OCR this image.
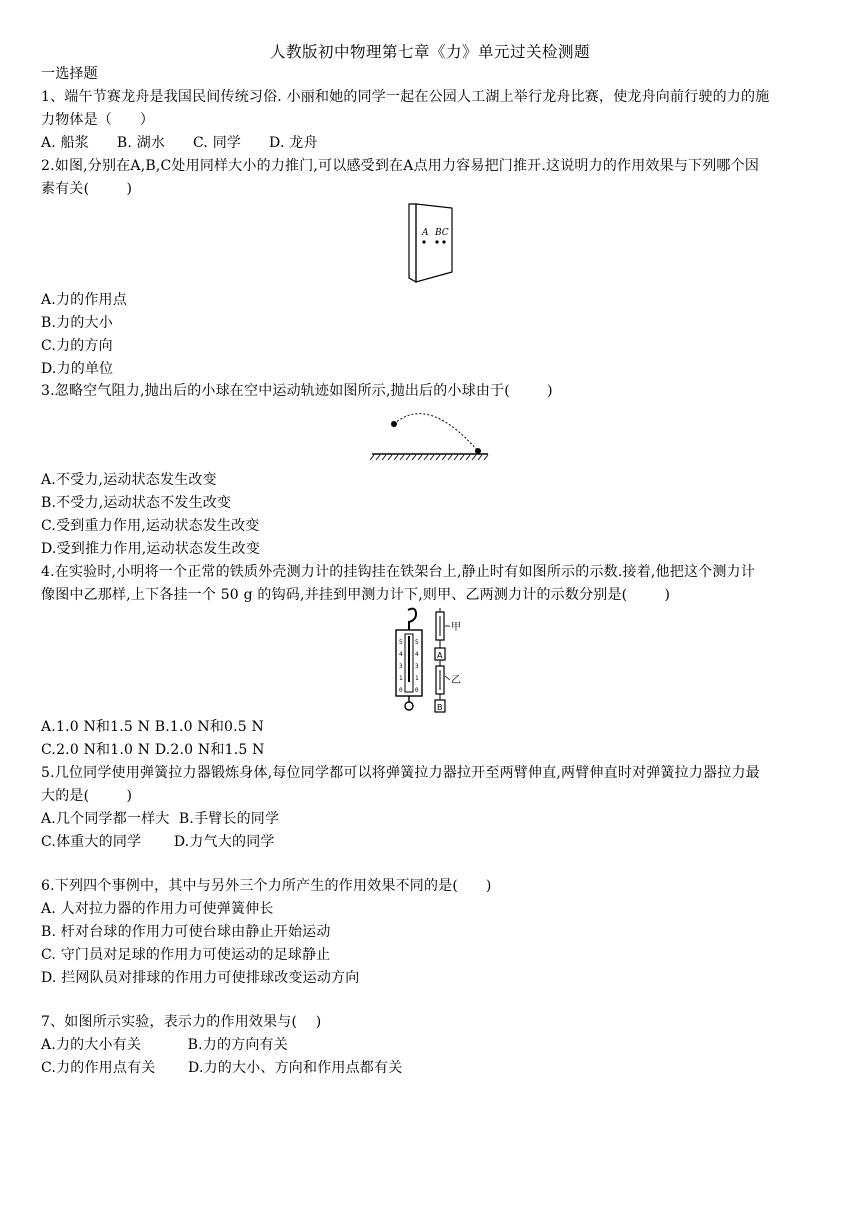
人教版初中物理第七章《力》单元过关检测题
一选择题
1、端午节赛龙舟是我国民间传统习俗. 小丽和她的同学一起在公园人工湖上举行龙舟比赛，使龙舟向前行驶的力的施
力物体是（      ）
A. 船浆      B. 湖水      C. 同学      D. 龙舟
2.如图,分别在A,B,C处用同样大小的力推门,可以感受到在A点用力容易把门推开.这说明力的作用效果与下列哪个因
素有关(        )
A BC
A.力的作用点
B.力的大小
C.力的方向
D.力的单位
3.忽略空气阻力,抛出后的小球在空中运动轨迹如图所示,抛出后的小球由于(        )
A.不受力,运动状态发生改变
B.不受力,运动状态不发生改变
C.受到重力作用,运动状态发生改变
D.受到推力作用,运动状态发生改变
4.在实验时,小明将一个正常的铁质外壳测力计的挂钩挂在铁架台上,静止时有如图所示的示数.接着,他把这个测力计
像图中乙那样,上下各挂一个 50 g 的钩码,并挂到甲测力计下,则甲、乙两测力计的示数分别是(        )
5
4
3
1
0
5
4
3
1
0
A
B
甲
乙
A.1.0 N和1.5 N B.1.0 N和0.5 N
C.2.0 N和1.0 N D.2.0 N和1.5 N
5.几位同学使用弹簧拉力器锻炼身体,每位同学都可以将弹簧拉力器拉开至两臂伸直,两臂伸直时对弹簧拉力器拉力最
大的是(        )
A.几个同学都一样大  B.手臂长的同学
C.体重大的同学       D.力气大的同学
6.下列四个事例中，其中与另外三个力所产生的作用效果不同的是(      )
A. 人对拉力器的作用力可使弹簧伸长
B. 杆对台球的作用力可使台球由静止开始运动
C. 守门员对足球的作用力可使运动的足球静止
D. 拦网队员对排球的作用力可使排球改变运动方向
7、如图所示实验，表示力的作用效果与(    )
A.力的大小有关          B.力的方向有关
C.力的作用点有关       D.力的大小、方向和作用点都有关
